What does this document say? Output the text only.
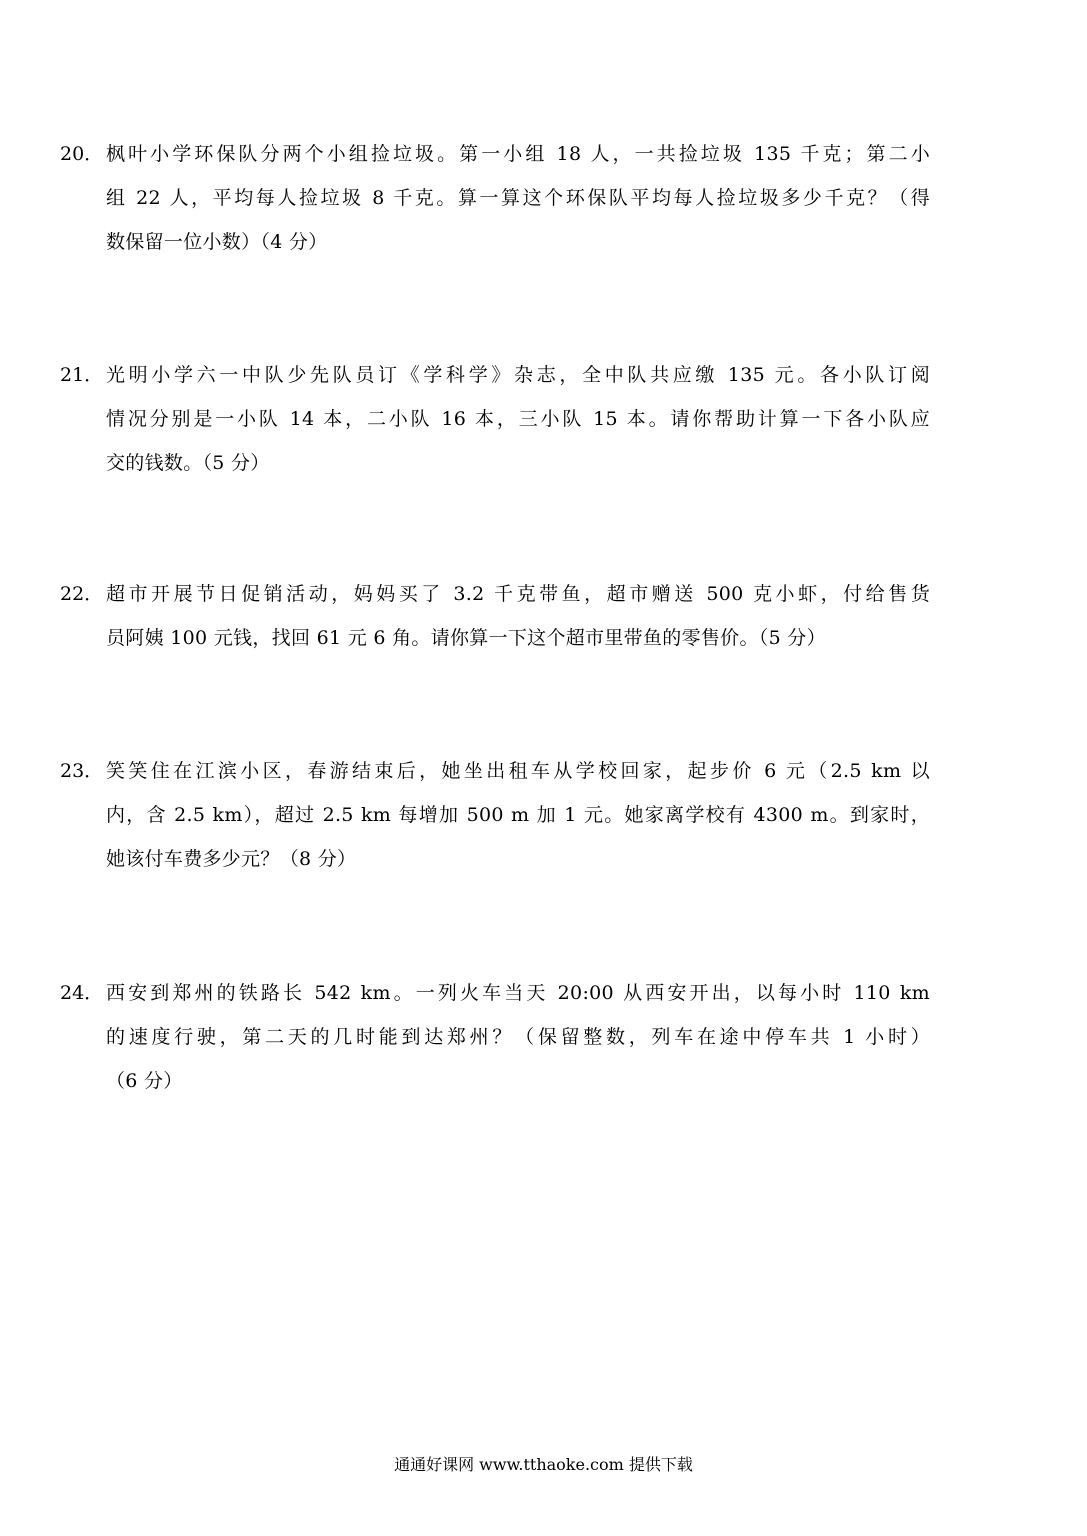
20． 枫叶小学环保队分两个小组捡垃圾。第一小组 18 人，一共捡垃圾 135 千克；第二小
组 22 人，平均每人捡垃圾 8 千克。算一算这个环保队平均每人捡垃圾多少千克？（得
数保留一位小数）（4 分）
21． 光明小学六一中队少先队员订《学科学》杂志，全中队共应缴 135 元。各小队订阅
情况分别是一小队 14 本，二小队 16 本，三小队 15 本。请你帮助计算一下各小队应
交的钱数。（5 分）
22． 超市开展节日促销活动，妈妈买了 3.2 千克带鱼，超市赠送 500 克小虾，付给售货
员阿姨 100 元钱，找回 61 元 6 角。请你算一下这个超市里带鱼的零售价。（5 分）
23． 笑笑住在江滨小区，春游结束后，她坐出租车从学校回家，起步价 6 元（2.5 km 以
内，含 2.5 km），超过 2.5 km 每增加 500 m 加 1 元。她家离学校有 4300 m。到家时，
她该付车费多少元？（8 分）
24． 西安到郑州的铁路长 542 km。一列火车当天 20:00 从西安开出，以每小时 110 km
的速度行驶，第二天的几时能到达郑州？（保留整数，列车在途中停车共 1 小时）
（6 分）
通通好课网 www.tthaoke.com 提供下载
